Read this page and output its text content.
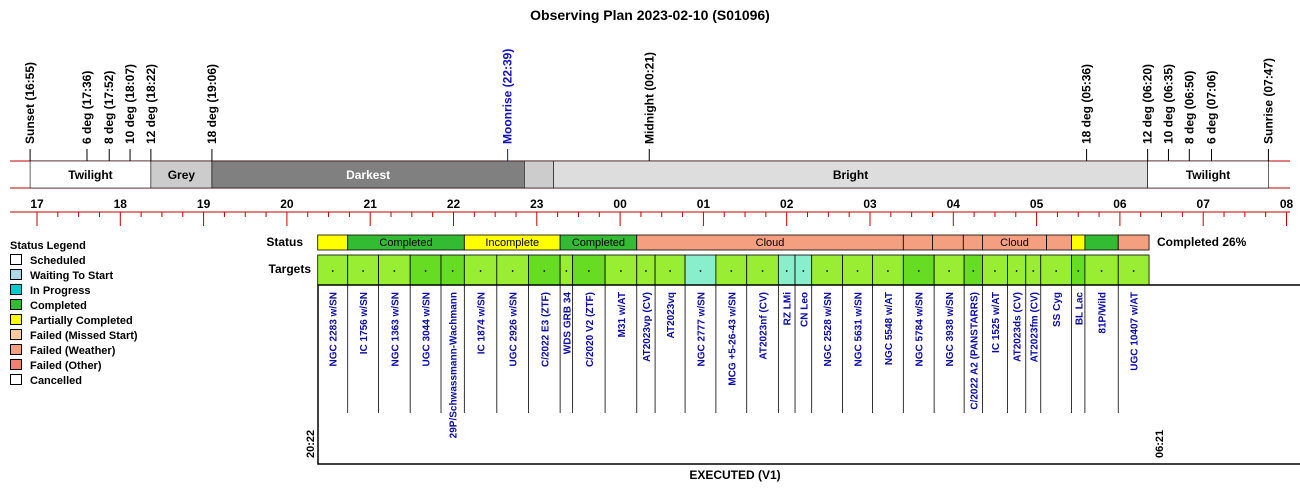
Observing Plan 2023-02-10 (S01096)
Twilight	Grey	Darkest	Bright	Twilight
Sunset (16:55)	6 deg (17:36) 8 deg (17:52) 10 deg (18:07) 12 deg (18:22)	18 deg (19:06)	Moonrise (22:39)	Midnight (00:21)	18 deg (05:36)	12 deg (06:20) 10 deg (06:35) 8 deg (06:50) 6 deg (07:06)	Sunrise (07:47)
17	18	19	20	21	22	23	00	01	02	03	04	05	06	07	08
Status
Targets
Completed 26%
Completed	Incomplete	Completed	Cloud	Cloud
NGC 2283 w/SN IC 1756 w/SN NGC 1363 w/SN UGC 3044 w/SN 29P/Schwassmann-Wachmann IC 1874 w/SN UGC 2926 w/SN C/2022 E3 (ZTF) WDS GRB 34 C/2020 V2 (ZTF) M31 w/AT AT2023vp (CV) AT2023vq NGC 2777 w/SN MCG +5-26-43 w/SN AT2023nf (CV) RZ LMi CN Leo NGC 2528 w/SN NGC 5631 w/SN NGC 5548 w/AT NGC 5784 w/SN NGC 3938 w/SN C/2022 A2 (PANSTARRS) IC 1525 w/AT AT2023ds (CV) AT2023fm (CV) SS Cyg BL Lac 81P/Wild UGC 10407 w/AT
20:22	06:21
EXECUTED (V1)
Status Legend
Scheduled
Waiting To Start
In Progress
Completed
Partially Completed
Failed (Missed Start)
Failed (Weather)
Failed (Other)
Cancelled
